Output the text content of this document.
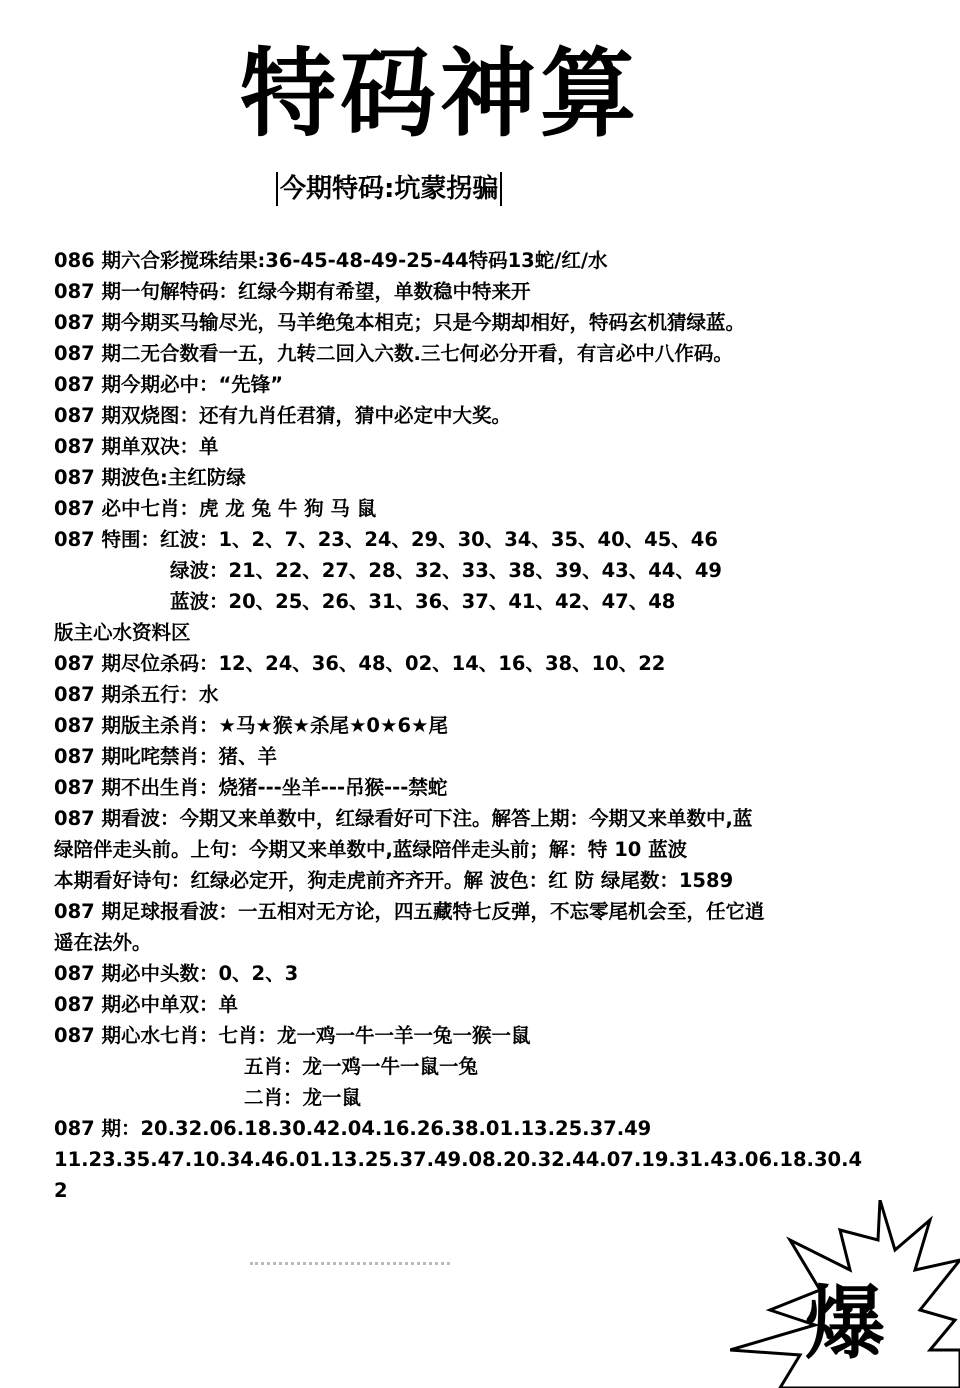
特码神算
今期特码:坑蒙拐骗
086 期六合彩搅珠结果:36-45-48-49-25-44特码13蛇/红/水
087 期一句解特码：红绿今期有希望，单数稳中特来开
087 期今期买马输尽光，马羊绝兔本相克；只是今期却相好，特码玄机猜绿蓝。
087 期二无合数看一五，九转二回入六数.三七何必分开看，有言必中八作码。
087 期今期必中：“先锋”
087 期双烧图：还有九肖任君猜，猜中必定中大奖。
087 期单双决：单
087 期波色:主红防绿
087 必中七肖：虎 龙 兔 牛 狗 马 鼠
087 特围：红波：1、2、7、23、24、29、30、34、35、40、45、46
绿波：21、22、27、28、32、33、38、39、43、44、49
蓝波：20、25、26、31、36、37、41、42、47、48
版主心水资料区
087 期尽位杀码：12、24、36、48、02、14、16、38、10、22
087 期杀五行：水
087 期版主杀肖：★马★猴★杀尾★0★6★尾
087 期叱咤禁肖：猪、羊
087 期不出生肖：烧猪---坐羊---吊猴---禁蛇
087 期看波：今期又来单数中，红绿看好可下注。解答上期：今期又来单数中,蓝
绿陪伴走头前。上句：今期又来单数中,蓝绿陪伴走头前；解：特 10 蓝波
本期看好诗句：红绿必定开，狗走虎前齐齐开。解 波色：红 防 绿尾数：1589
087 期足球报看波：一五相对无方论，四五藏特七反弹，不忘零尾机会至，任它逍
遥在法外。
087 期必中头数：0、2、3
087 期必中单双：单
087 期心水七肖：七肖：龙一鸡一牛一羊一兔一猴一鼠
五肖：龙一鸡一牛一鼠一兔
二肖：龙一鼠
087 期：20.32.06.18.30.42.04.16.26.38.01.13.25.37.49
11.23.35.47.10.34.46.01.13.25.37.49.08.20.32.44.07.19.31.43.06.18.30.4
2
爆
